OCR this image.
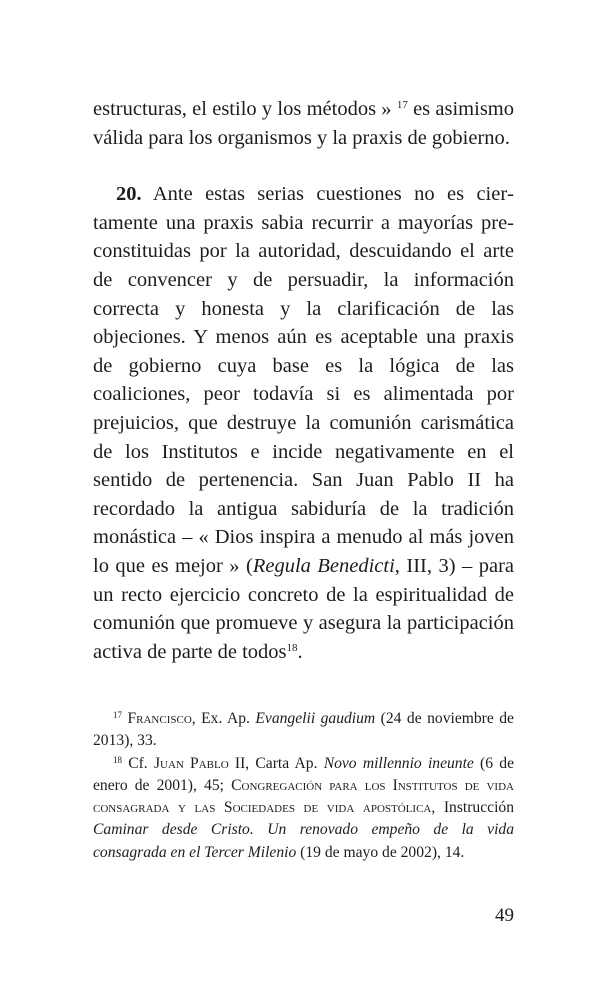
estructuras, el estilo y los métodos » $^{17}$ es asimismo válida para los organismos y la praxis de gobierno.

20. Ante estas serias cuestiones no es ciertamente una praxis sabia recurrir a mayorías pre-constituidas por la autoridad, descuidando el arte de convencer y de persuadir, la información correcta y honesta y la clarificación de las objeciones. Y menos aún es aceptable una praxis de gobierno cuya base es la lógica de las coaliciones, peor todavía si es alimentada por prejuicios, que destruye la comunión carismática de los Institutos e incide negativamente en el sentido de pertenencia. San Juan Pablo II ha recordado la antigua sabiduría de la tradición monástica – « Dios inspira a menudo al más joven lo que es mejor » (Regula Benedicti, III, 3) – para un recto ejercicio concreto de la espiritualidad de comunión que promueve y asegura la participación activa de parte de todos$^{18}$.

$^{17}$ Francisco, Ex. Ap. Evangelii gaudium (24 de noviembre de 2013), 33.

$^{18}$ Cf. Juan Pablo II, Carta Ap. Novo millennio ineunte (6 de enero de 2001), 45; Congregación para los Institutos de vida consagrada y las Sociedades de vida apostólica, Instrucción Caminar desde Cristo. Un renovado empeño de la vida consagrada en el Tercer Milenio (19 de mayo de 2002), 14.

49
